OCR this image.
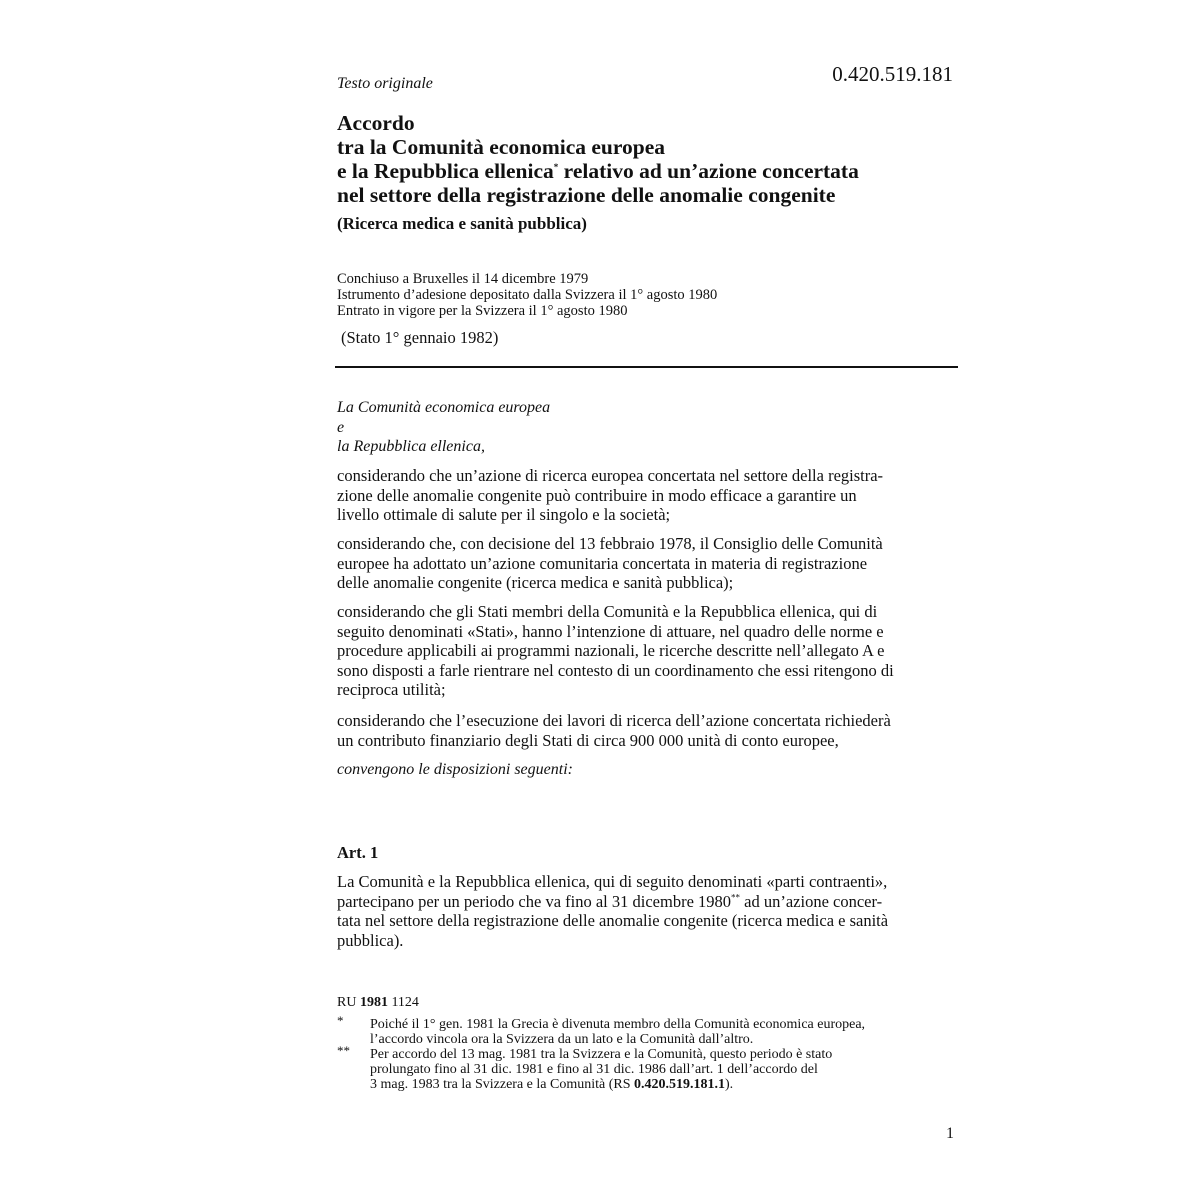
Testo originale	0.420.519.181
Accordo
tra la Comunità economica europea
e la Repubblica ellenica* relativo ad un’azione concertata
nel settore della registrazione delle anomalie congenite
(Ricerca medica e sanità pubblica)
Conchiuso a Bruxelles il 14 dicembre 1979
Istrumento d’adesione depositato dalla Svizzera il 1° agosto 1980
Entrato in vigore per la Svizzera il 1° agosto 1980
(Stato 1° gennaio 1982)
La Comunità economica europea
e
la Repubblica ellenica,
considerando che un’azione di ricerca europea concertata nel settore della registra-
zione delle anomalie congenite può contribuire in modo efficace a garantire un
livello ottimale di salute per il singolo e la società;
considerando che, con decisione del 13 febbraio 1978, il Consiglio delle Comunità
europee ha adottato un’azione comunitaria concertata in materia di registrazione
delle anomalie congenite (ricerca medica e sanità pubblica);
considerando che gli Stati membri della Comunità e la Repubblica ellenica, qui di
seguito denominati «Stati», hanno l’intenzione di attuare, nel quadro delle norme e
procedure applicabili ai programmi nazionali, le ricerche descritte nell’allegato A e
sono disposti a farle rientrare nel contesto di un coordinamento che essi ritengono di
reciproca utilità;
considerando che l’esecuzione dei lavori di ricerca dell’azione concertata richiederà
un contributo finanziario degli Stati di circa 900 000 unità di conto europee,
convengono le disposizioni seguenti:
Art. 1
La Comunità e la Repubblica ellenica, qui di seguito denominati «parti contraenti»,
partecipano per un periodo che va fino al 31 dicembre 1980** ad un’azione concer-
tata nel settore della registrazione delle anomalie congenite (ricerca medica e sanità
pubblica).
RU 1981 1124
* Poiché il 1° gen. 1981 la Grecia è divenuta membro della Comunità economica europea,
l’accordo vincola ora la Svizzera da un lato e la Comunità dall’altro.
** Per accordo del 13 mag. 1981 tra la Svizzera e la Comunità, questo periodo è stato
prolungato fino al 31 dic. 1981 e fino al 31 dic. 1986 dall’art. 1 dell’accordo del
3 mag. 1983 tra la Svizzera e la Comunità (RS 0.420.519.181.1).
1
